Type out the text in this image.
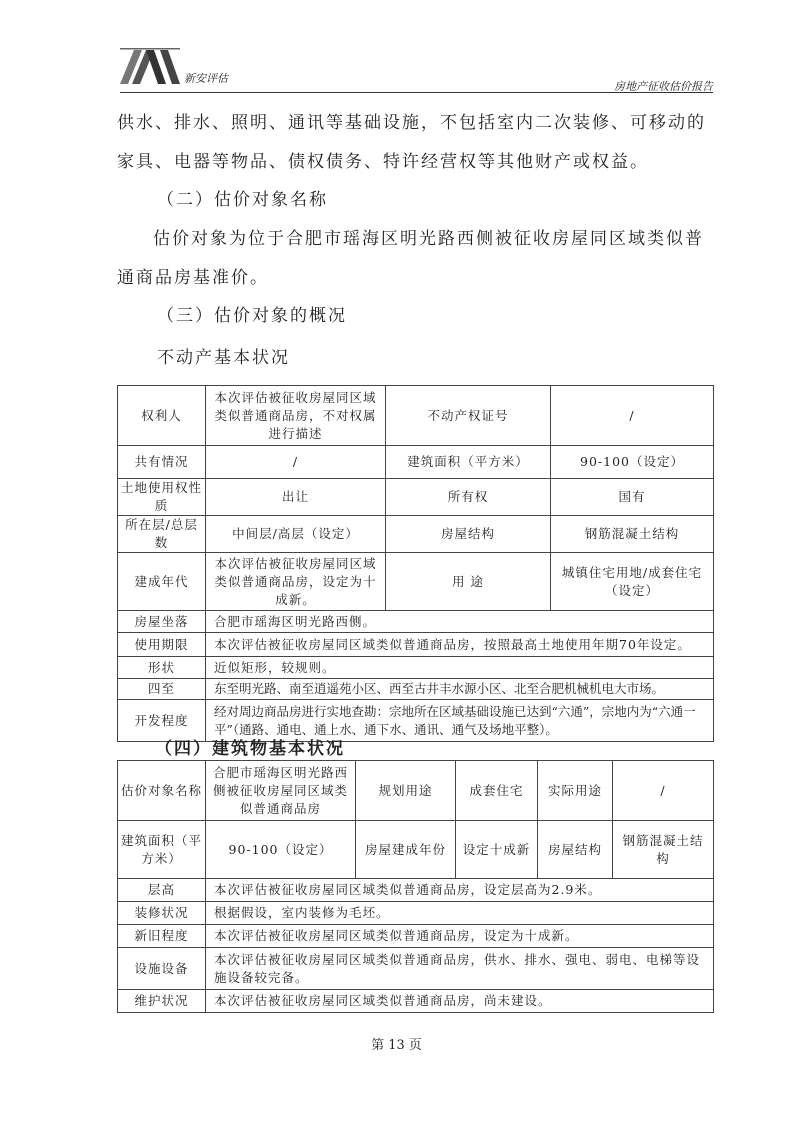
新安评估
房地产征收估价报告
供水、排水、照明、通讯等基础设施，不包括室内二次装修、可移动的家具、电器等物品、债权债务、特许经营权等其他财产或权益。
（二）估价对象名称
估价对象为位于合肥市瑶海区明光路西侧被征收房屋同区域类似普通商品房基准价。
（三）估价对象的概况
不动产基本状况
权利人	本次评估被征收房屋同区域类似普通商品房，不对权属进行描述	不动产权证号	/
共有情况	/	建筑面积（平方米）	90-100（设定）
土地使用权性质	出让	所有权	国有
所在层/总层数	中间层/高层（设定）	房屋结构	钢筋混凝土结构
建成年代	本次评估被征收房屋同区域类似普通商品房，设定为十成新。	用 途	城镇住宅用地/成套住宅（设定）
房屋坐落	合肥市瑶海区明光路西侧。		
使用期限	本次评估被征收房屋同区域类似普通商品房，按照最高土地使用年期70年设定。		
形状	近似矩形，较规则。		
四至	东至明光路、南至逍遥苑小区、西至古井丰水源小区、北至合肥机械机电大市场。		
开发程度	经对周边商品房进行实地查勘：宗地所在区域基础设施已达到“六通”，宗地内为“六通一平”（通路、通电、通上水、通下水、通讯、通气及场地平整）。		
（四）建筑物基本状况
估价对象名称	合肥市瑶海区明光路西侧被征收房屋同区域类似普通商品房	规划用途	成套住宅	实际用途	/
建筑面积（平方米）	90-100（设定）	房屋建成年份	设定十成新	房屋结构	钢筋混凝土结构
层高	本次评估被征收房屋同区域类似普通商品房，设定层高为2.9米。				
装修状况	根据假设，室内装修为毛坯。				
新旧程度	本次评估被征收房屋同区域类似普通商品房，设定为十成新。				
设施设备	本次评估被征收房屋同区域类似普通商品房，供水、排水、强电、弱电、电梯等设施设备较完备。				
维护状况	本次评估被征收房屋同区域类似普通商品房，尚未建设。				
第 13 页
